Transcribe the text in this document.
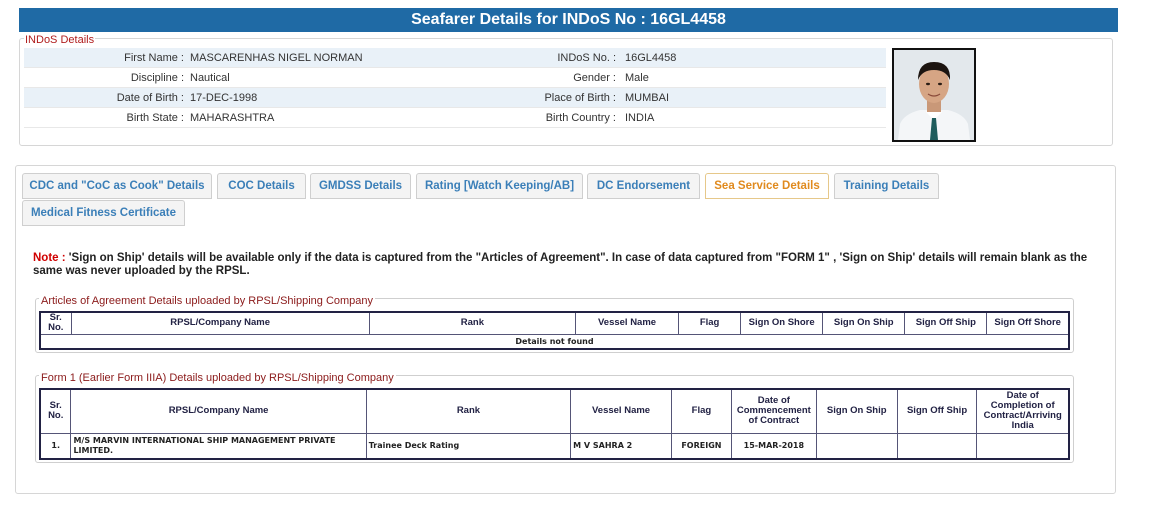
Seafarer Details for INDoS No : 16GL4458
INDoS Details
First Name : MASCARENHAS NIGEL NORMAN	INDoS No. : 16GL4458
Discipline : Nautical	Gender : Male
Date of Birth : 17-DEC-1998	Place of Birth : MUMBAI
Birth State : MAHARASHTRA	Birth Country : INDIA
CDC and "CoC as Cook" Details	COC Details	GMDSS Details	Rating [Watch Keeping/AB]	DC Endorsement	Sea Service Details	Training Details
Medical Fitness Certificate
Note : 'Sign on Ship' details will be available only if the data is captured from the "Articles of Agreement". In case of data captured from "FORM 1" , 'Sign on Ship' details will remain blank as the same was never uploaded by the RPSL.
Articles of Agreement Details uploaded by RPSL/Shipping Company
Sr. No.	RPSL/Company Name	Rank	Vessel Name	Flag	Sign On Shore	Sign On Ship	Sign Off Ship	Sign Off Shore
Details not found
Form 1 (Earlier Form IIIA) Details uploaded by RPSL/Shipping Company
Sr. No.	RPSL/Company Name	Rank	Vessel Name	Flag	Date of Commencement of Contract	Sign On Ship	Sign Off Ship	Date of Completion of Contract/Arriving India
1.	M/S MARVIN INTERNATIONAL SHIP MANAGEMENT PRIVATE LIMITED.	Trainee Deck Rating	M V SAHRA 2	FOREIGN	15-MAR-2018			
